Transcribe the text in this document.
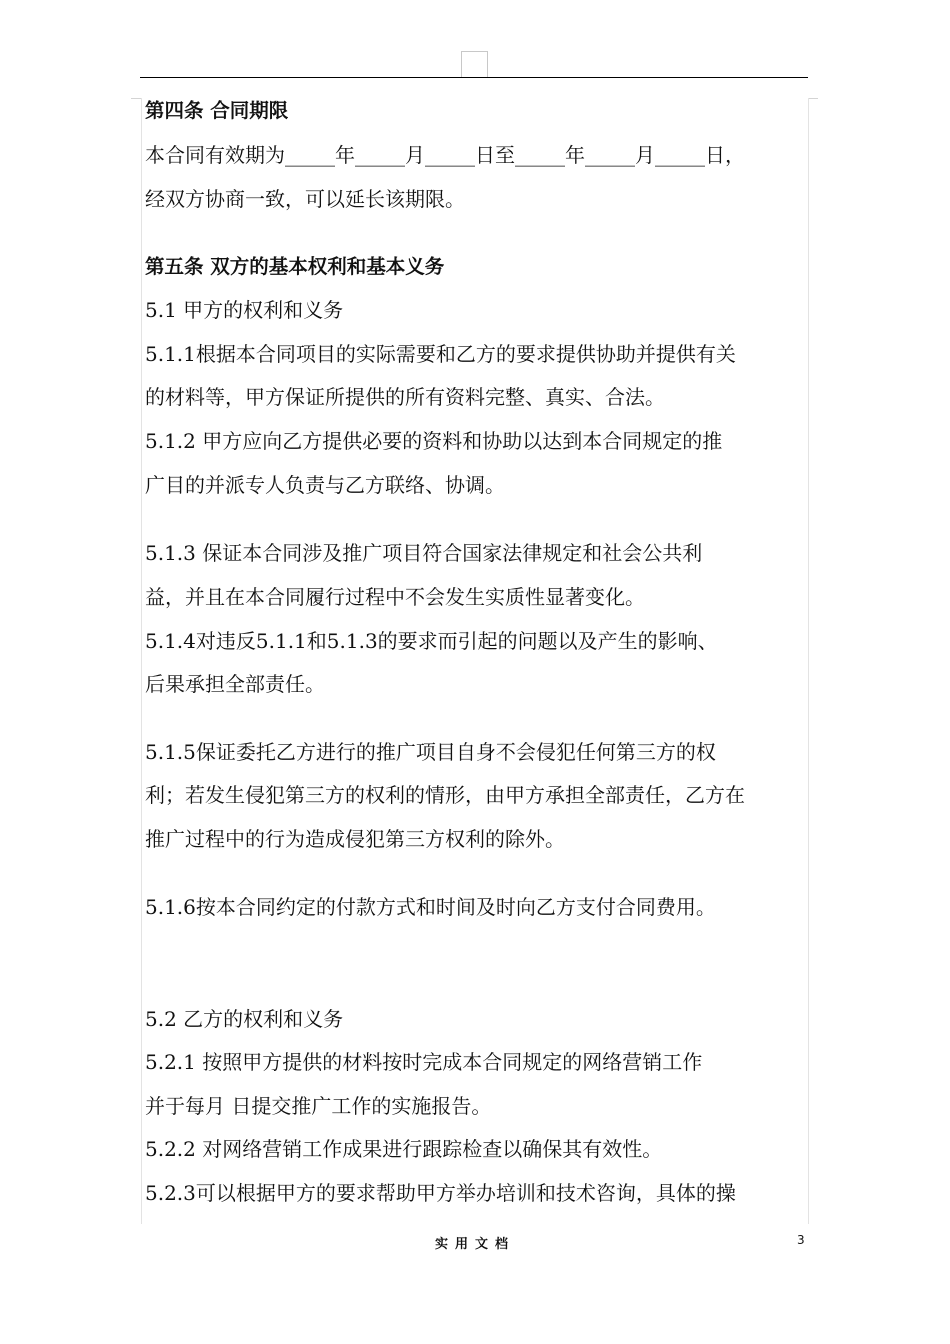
第四条 合同期限
本合同有效期为_____年_____月_____日至_____年_____月_____日，
经双方协商一致，可以延长该期限。
第五条 双方的基本权利和基本义务
5.1 甲方的权利和义务
5.1.1根据本合同项目的实际需要和乙方的要求提供协助并提供有关
的材料等，甲方保证所提供的所有资料完整、真实、合法。
5.1.2 甲方应向乙方提供必要的资料和协助以达到本合同规定的推
广目的并派专人负责与乙方联络、协调。
5.1.3 保证本合同涉及推广项目符合国家法律规定和社会公共利
益，并且在本合同履行过程中不会发生实质性显著变化。
5.1.4对违反5.1.1和5.1.3的要求而引起的问题以及产生的影响、
后果承担全部责任。
5.1.5保证委托乙方进行的推广项目自身不会侵犯任何第三方的权
利；若发生侵犯第三方的权利的情形，由甲方承担全部责任，乙方在
推广过程中的行为造成侵犯第三方权利的除外。
5.1.6按本合同约定的付款方式和时间及时向乙方支付合同费用。
5.2 乙方的权利和义务
5.2.1 按照甲方提供的材料按时完成本合同规定的网络营销工作
并于每月 日提交推广工作的实施报告。
5.2.2 对网络营销工作成果进行跟踪检查以确保其有效性。
5.2.3可以根据甲方的要求帮助甲方举办培训和技术咨询，具体的操
实用文档	3
